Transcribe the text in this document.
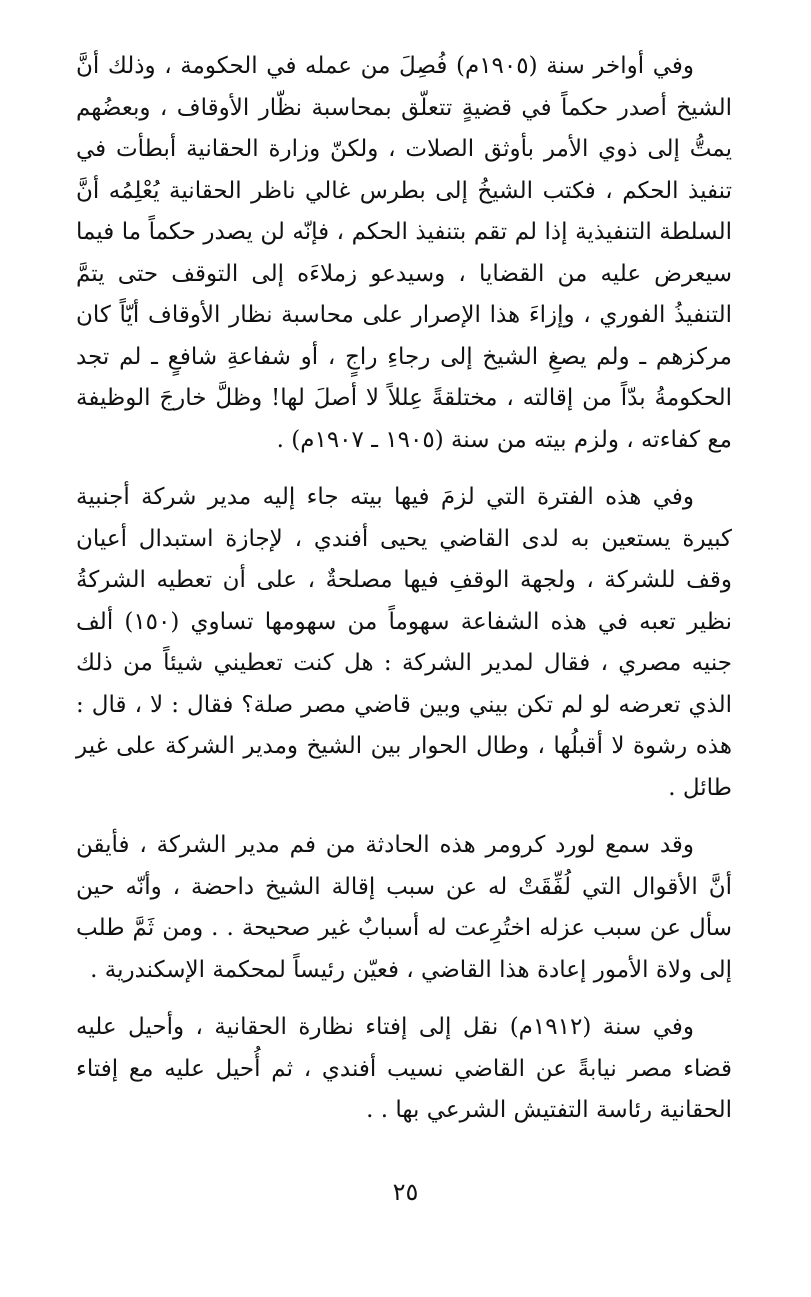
وفي أواخر سنة (١٩٠٥م) فُصِلَ من عمله في الحكومة ، وذلك أنَّ الشيخ أصدر حكماً في قضيةٍ تتعلّق بمحاسبة نظّار الأوقاف ، وبعضُهم يمتُّ إلى ذوي الأمر بأوثق الصلات ، ولكنّ وزارة الحقانية أبطأت في تنفيذ الحكم ، فكتب الشيخُ إلى بطرس غالي ناظر الحقانية يُعْلِمُه أنَّ السلطة التنفيذية إذا لم تقم بتنفيذ الحكم ، فإنّه لن يصدر حكماً ما فيما سيعرض عليه من القضايا ، وسيدعو زملاءَه إلى التوقف حتى يتمَّ التنفيذُ الفوري ، وإزاءَ هذا الإصرار على محاسبة نظار الأوقاف أيّاً كان مركزهم ـ ولم يصغِ الشيخ إلى رجاءِ راجٍ ، أو شفاعةِ شافعٍ ـ لم تجد الحكومةُ بدّاً من إقالته ، مختلقةً عِللاً لا أصلَ لها! وظلَّ خارجَ الوظيفة مع كفاءته ، ولزم بيته من سنة (١٩٠٥ ـ ١٩٠٧م) .

وفي هذه الفترة التي لزمَ فيها بيته جاء إليه مدير شركة أجنبية كبيرة يستعين به لدى القاضي يحيى أفندي ، لإجازة استبدال أعيان وقف للشركة ، ولجهة الوقفِ فيها مصلحةٌ ، على أن تعطيه الشركةُ نظير تعبه في هذه الشفاعة سهوماً من سهومها تساوي (١٥٠) ألف جنيه مصري ، فقال لمدير الشركة : هل كنت تعطيني شيئاً من ذلك الذي تعرضه لو لم تكن بيني وبين قاضي مصر صلة؟ فقال : لا ، قال : هذه رشوة لا أقبلُها ، وطال الحوار بين الشيخ ومدير الشركة على غير طائل .

وقد سمع لورد كرومر هذه الحادثة من فم مدير الشركة ، فأيقن أنَّ الأقوال التي لُفِّقَتْ له عن سبب إقالة الشيخ داحضة ، وأنّه حين سأل عن سبب عزله اختُرِعت له أسبابٌ غير صحيحة . . ومن ثَمَّ طلب إلى ولاة الأمور إعادة هذا القاضي ، فعيّن رئيساً لمحكمة الإسكندرية .

وفي سنة (١٩١٢م) نقل إلى إفتاء نظارة الحقانية ، وأحيل عليه قضاء مصر نيابةً عن القاضي نسيب أفندي ، ثم أُحيل عليه مع إفتاء الحقانية رئاسة التفتيش الشرعي بها . .

٢٥
